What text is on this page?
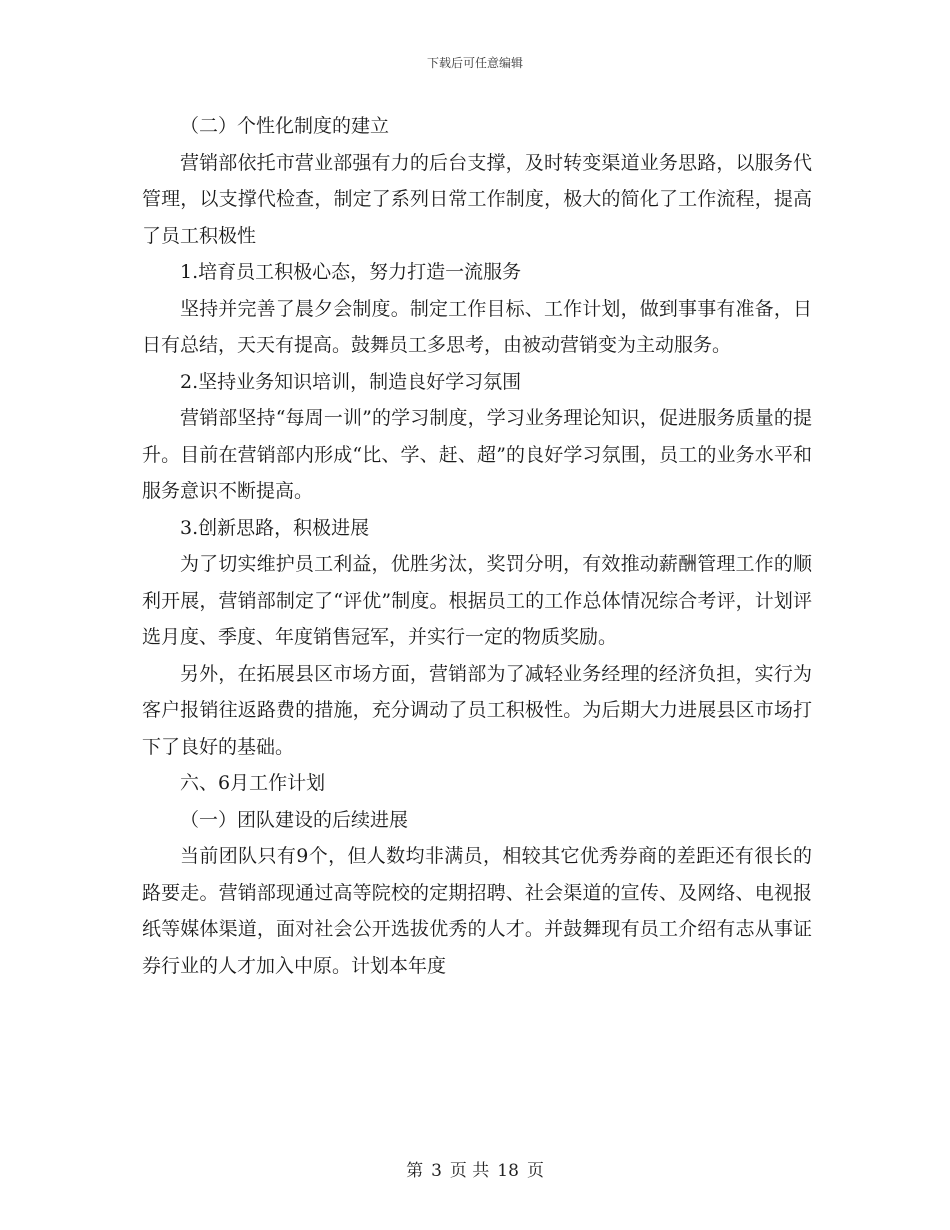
下载后可任意编辑

（二）个性化制度的建立

营销部依托市营业部强有力的后台支撑，及时转变渠道业务思路，以服务代管理，以支撑代检查，制定了系列日常工作制度，极大的简化了工作流程，提高了员工积极性

1.培育员工积极心态，努力打造一流服务

坚持并完善了晨夕会制度。制定工作目标、工作计划，做到事事有准备，日日有总结，天天有提高。鼓舞员工多思考，由被动营销变为主动服务。

2.坚持业务知识培训，制造良好学习氛围

营销部坚持“每周一训”的学习制度，学习业务理论知识，促进服务质量的提升。目前在营销部内形成“比、学、赶、超”的良好学习氛围，员工的业务水平和服务意识不断提高。

3.创新思路，积极进展

为了切实维护员工利益，优胜劣汰，奖罚分明，有效推动薪酬管理工作的顺利开展，营销部制定了“评优”制度。根据员工的工作总体情况综合考评，计划评选月度、季度、年度销售冠军，并实行一定的物质奖励。

另外，在拓展县区市场方面，营销部为了减轻业务经理的经济负担，实行为客户报销往返路费的措施，充分调动了员工积极性。为后期大力进展县区市场打下了良好的基础。

六、6月工作计划

（一）团队建设的后续进展

当前团队只有9个，但人数均非满员，相较其它优秀券商的差距还有很长的路要走。营销部现通过高等院校的定期招聘、社会渠道的宣传、及网络、电视报纸等媒体渠道，面对社会公开选拔优秀的人才。并鼓舞现有员工介绍有志从事证券行业的人才加入中原。计划本年度

第 3 页 共 18 页
